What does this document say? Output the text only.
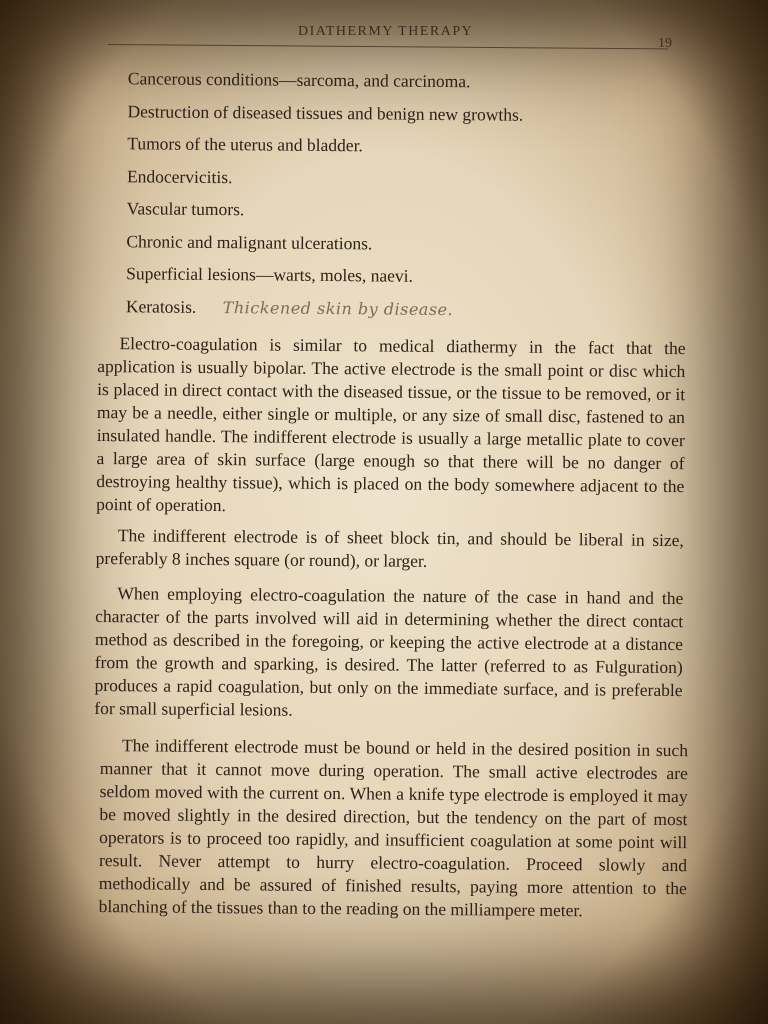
DIATHERMY THERAPY
19
Cancerous conditions—sarcoma, and carcinoma.
Destruction of diseased tissues and benign new growths.
Tumors of the uterus and bladder.
Endocervicitis.
Vascular tumors.
Chronic and malignant ulcerations.
Superficial lesions—warts, moles, naevi.
Keratosis. Thickened skin by disease.

Electro-coagulation is similar to medical diathermy in the fact that the application is usually bipolar. The active electrode is the small point or disc which is placed in direct contact with the diseased tissue, or the tissue to be removed, or it may be a needle, either single or multiple, or any size of small disc, fastened to an insulated handle. The indifferent electrode is usually a large metallic plate to cover a large area of skin surface (large enough so that there will be no danger of destroying healthy tissue), which is placed on the body somewhere adjacent to the point of operation.

The indifferent electrode is of sheet block tin, and should be liberal in size, preferably 8 inches square (or round), or larger.

When employing electro-coagulation the nature of the case in hand and the character of the parts involved will aid in determining whether the direct contact method as described in the foregoing, or keeping the active electrode at a distance from the growth and sparking, is desired. The latter (referred to as Fulguration) produces a rapid coagulation, but only on the immediate surface, and is preferable for small superficial lesions.

The indifferent electrode must be bound or held in the desired position in such manner that it cannot move during operation. The small active electrodes are seldom moved with the current on. When a knife type electrode is employed it may be moved slightly in the desired direction, but the tendency on the part of most operators is to proceed too rapidly, and insufficient coagulation at some point will result. Never attempt to hurry electro-coagulation. Proceed slowly and methodically and be assured of finished results, paying more attention to the blanching of the tissues than to the reading on the milliampere meter.
